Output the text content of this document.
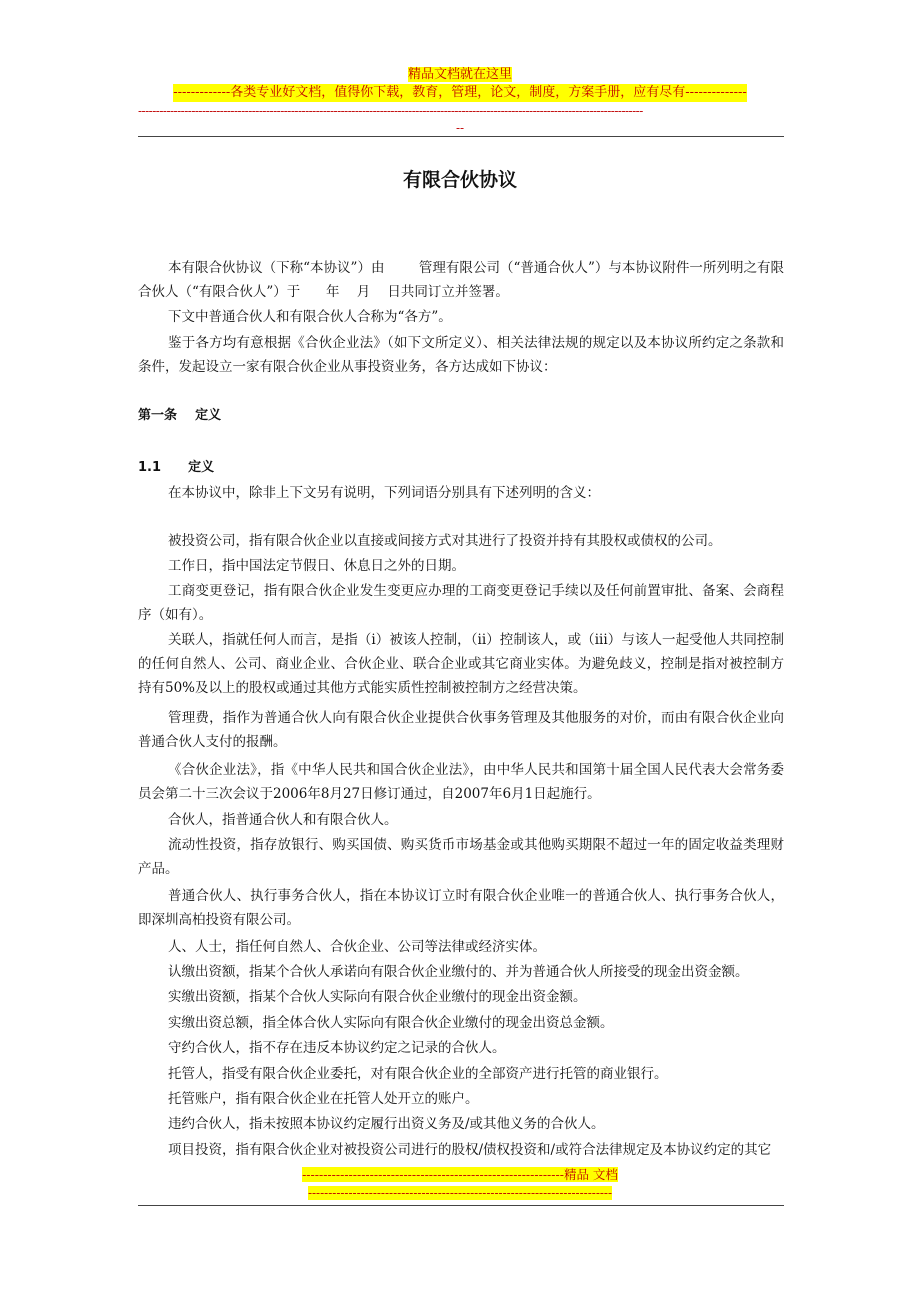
精品文档就在这里
-------------各类专业好文档，值得你下载，教育，管理，论文，制度，方案手册，应有尽有--------------
----------------------------------------------------------------------------------------------------------------------------------------------
--
有限合伙协议
本有限合伙协议（下称“本协议”）由        管理有限公司（“普通合伙人”）与本协议附件一所列明之有限合伙人（“有限合伙人”）于      年    月    日共同订立并签署。
下文中普通合伙人和有限合伙人合称为“各方”。
鉴于各方均有意根据《合伙企业法》（如下文所定义）、相关法律法规的规定以及本协议所约定之条款和条件，发起设立一家有限合伙企业从事投资业务，各方达成如下协议：
第一条    定义
1.1      定义
在本协议中，除非上下文另有说明，下列词语分别具有下述列明的含义：
被投资公司，指有限合伙企业以直接或间接方式对其进行了投资并持有其股权或债权的公司。
工作日，指中国法定节假日、休息日之外的日期。
工商变更登记，指有限合伙企业发生变更应办理的工商变更登记手续以及任何前置审批、备案、会商程序（如有）。
关联人，指就任何人而言，是指（i）被该人控制，（ii）控制该人，或（iii）与该人一起受他人共同控制的任何自然人、公司、商业企业、合伙企业、联合企业或其它商业实体。为避免歧义，控制是指对被控制方持有50%及以上的股权或通过其他方式能实质性控制被控制方之经营决策。
管理费，指作为普通合伙人向有限合伙企业提供合伙事务管理及其他服务的对价，而由有限合伙企业向普通合伙人支付的报酬。
《合伙企业法》，指《中华人民共和国合伙企业法》，由中华人民共和国第十届全国人民代表大会常务委员会第二十三次会议于2006年8月27日修订通过，自2007年6月1日起施行。
合伙人，指普通合伙人和有限合伙人。
流动性投资，指存放银行、购买国债、购买货币市场基金或其他购买期限不超过一年的固定收益类理财产品。
普通合伙人、执行事务合伙人，指在本协议订立时有限合伙企业唯一的普通合伙人、执行事务合伙人，即深圳高柏投资有限公司。
人、人士，指任何自然人、合伙企业、公司等法律或经济实体。
认缴出资额，指某个合伙人承诺向有限合伙企业缴付的、并为普通合伙人所接受的现金出资金额。
实缴出资额，指某个合伙人实际向有限合伙企业缴付的现金出资金额。
实缴出资总额，指全体合伙人实际向有限合伙企业缴付的现金出资总金额。
守约合伙人，指不存在违反本协议约定之记录的合伙人。
托管人，指受有限合伙企业委托，对有限合伙企业的全部资产进行托管的商业银行。
托管账户，指有限合伙企业在托管人处开立的账户。
违约合伙人，指未按照本协议约定履行出资义务及/或其他义务的合伙人。
项目投资，指有限合伙企业对被投资公司进行的股权/债权投资和/或符合法律规定及本协议约定的其它
--------------------------------------------------------------精品 文档
---------------------------------------------------------------------------
